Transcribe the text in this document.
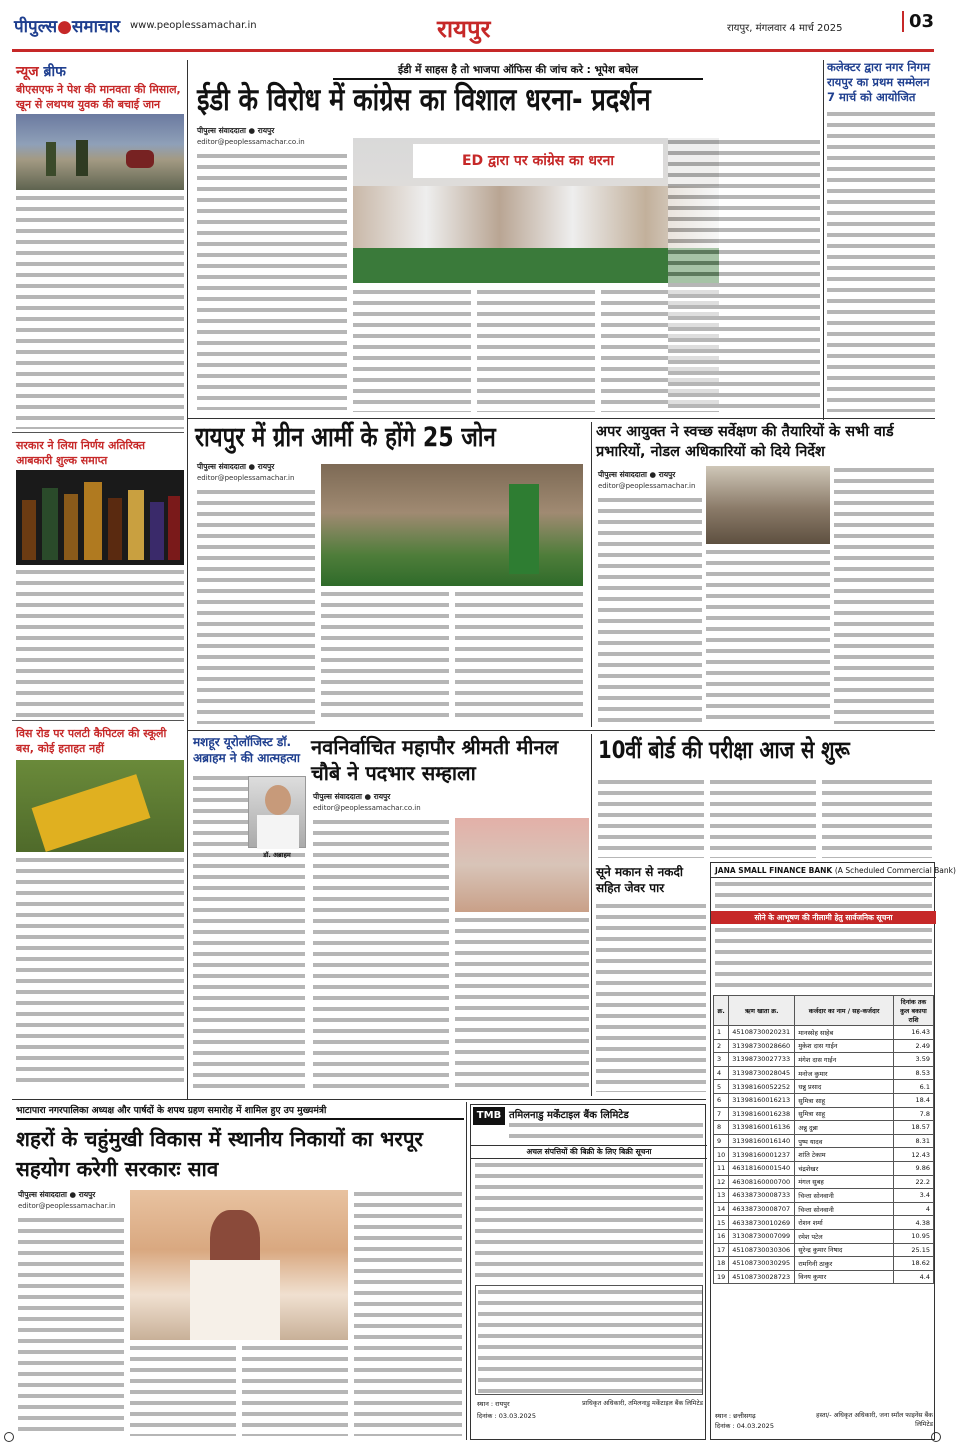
पीपुल्स●समाचार www.peoplessamachar.in	रायपुर	रायपुर, मंगलवार 4 मार्च 2025	03
न्यूज ब्रीफ
बीएसएफ ने पेश की मानवता की मिसाल, खून से लथपथ युवक की बचाई जान
सरकार ने लिया निर्णय अतिरिक्त आबकारी शुल्क समाप्त
विस रोड पर पलटी कैपिटल की स्कूली बस, कोई हताहत नहीं
ईडी में साहस है तो भाजपा ऑफिस की जांच करे : भूपेश बघेल
ईडी के विरोध में कांग्रेस का विशाल धरना- प्रदर्शन
पीपुल्स संवाददाता ● रायपुर
editor@peoplessamachar.co.in
ED द्वारा पर कांग्रेस का धरना
कलेक्टर द्वारा नगर निगम रायपुर का प्रथम सम्मेलन 7 मार्च को आयोजित
रायपुर में ग्रीन आर्मी के होंगे 25 जोन
पीपुल्स संवाददाता ● रायपुर
editor@peoplessamachar.in
अपर आयुक्त ने स्वच्छ सर्वेक्षण की तैयारियों के सभी वार्ड प्रभारियों, नोडल अधिकारियों को दिये निर्देश
पीपुल्स संवाददाता ● रायपुर
editor@peoplessamachar.in
मशहूर यूरोलॉजिस्ट डॉ. अब्राहम ने की आत्महत्या
डॉ. अब्राहम
नवनिर्वाचित महापौर श्रीमती मीनल चौबे ने पदभार सम्हाला
पीपुल्स संवाददाता ● रायपुर
editor@peoplessamachar.co.in
10वीं बोर्ड की परीक्षा आज से शुरू
सूने मकान से नकदी सहित जेवर पार
JANA SMALL FINANCE BANK (A Scheduled Commercial Bank)
सोने के आभूषण की नीलामी हेतु सार्वजनिक सूचना
क्र.	ऋण खाता क्र.	कर्जदार का नाम / सह-कर्जदार	दिनांक तक कुल बकाया राशि
1	45108730020231	मानस्सेह साहेब	16.43
2	31398730028660	मुकेश दास गाईन	2.49
3	31398730027733	मंगेश दास गाईन	3.59
4	31398730028045	मनोज कुमार	8.53
5	31398160052252	धन्नु प्रसाद	6.1
6	31398160016213	सुमित्रा साहू	18.4
7	31398160016238	सुमित्रा साहू	7.8
8	31398160016136	अन्नु दुन्ना	18.57
9	31398160016140	पुष्प यादव	8.31
10	31398160001237	शांति टेकाम	12.43
11	46318160001540	चंद्रशेखर	9.86
12	46308160000700	मंगल सुबह	22.2
13	46338730008733	चिन्ता सोनवानी	3.4
14	46338730008707	चिन्ता सोनवानी	4
15	46338730010269	रोशन शर्मा	4.38
16	31308730007099	रमेश पटेल	10.95
17	45108730030306	सुरेन्द्र कुमार निषाद	25.15
18	45108730030295	रामगिनी ठाकुर	18.62
19	45108730028723	विनय कुमार	4.4
स्थान : छत्तीसगढ़
दिनांक : 04.03.2025
हस्ता/- अधिकृत अधिकारी, जना स्मॉल फाइनेंस बैंक लिमिटेड
भाटापारा नगरपालिका अध्यक्ष और पार्षदों के शपथ ग्रहण समारोह में शामिल हुए उप मुख्यमंत्री
शहरों के चहुंमुखी विकास में स्थानीय निकायों का भरपूर सहयोग करेगी सरकारः साव
पीपुल्स संवाददाता ● रायपुर
editor@peoplessamachar.in
TMB तमिलनाडु मर्केंटाइल बैंक लिमिटेड
अचल संपत्तियों की बिक्री के लिए बिक्री सूचना
स्थान : रायपुर
दिनांक : 03.03.2025
प्राधिकृत अधिकारी, तमिलनाडु मर्केंटाइल बैंक लिमिटेड
